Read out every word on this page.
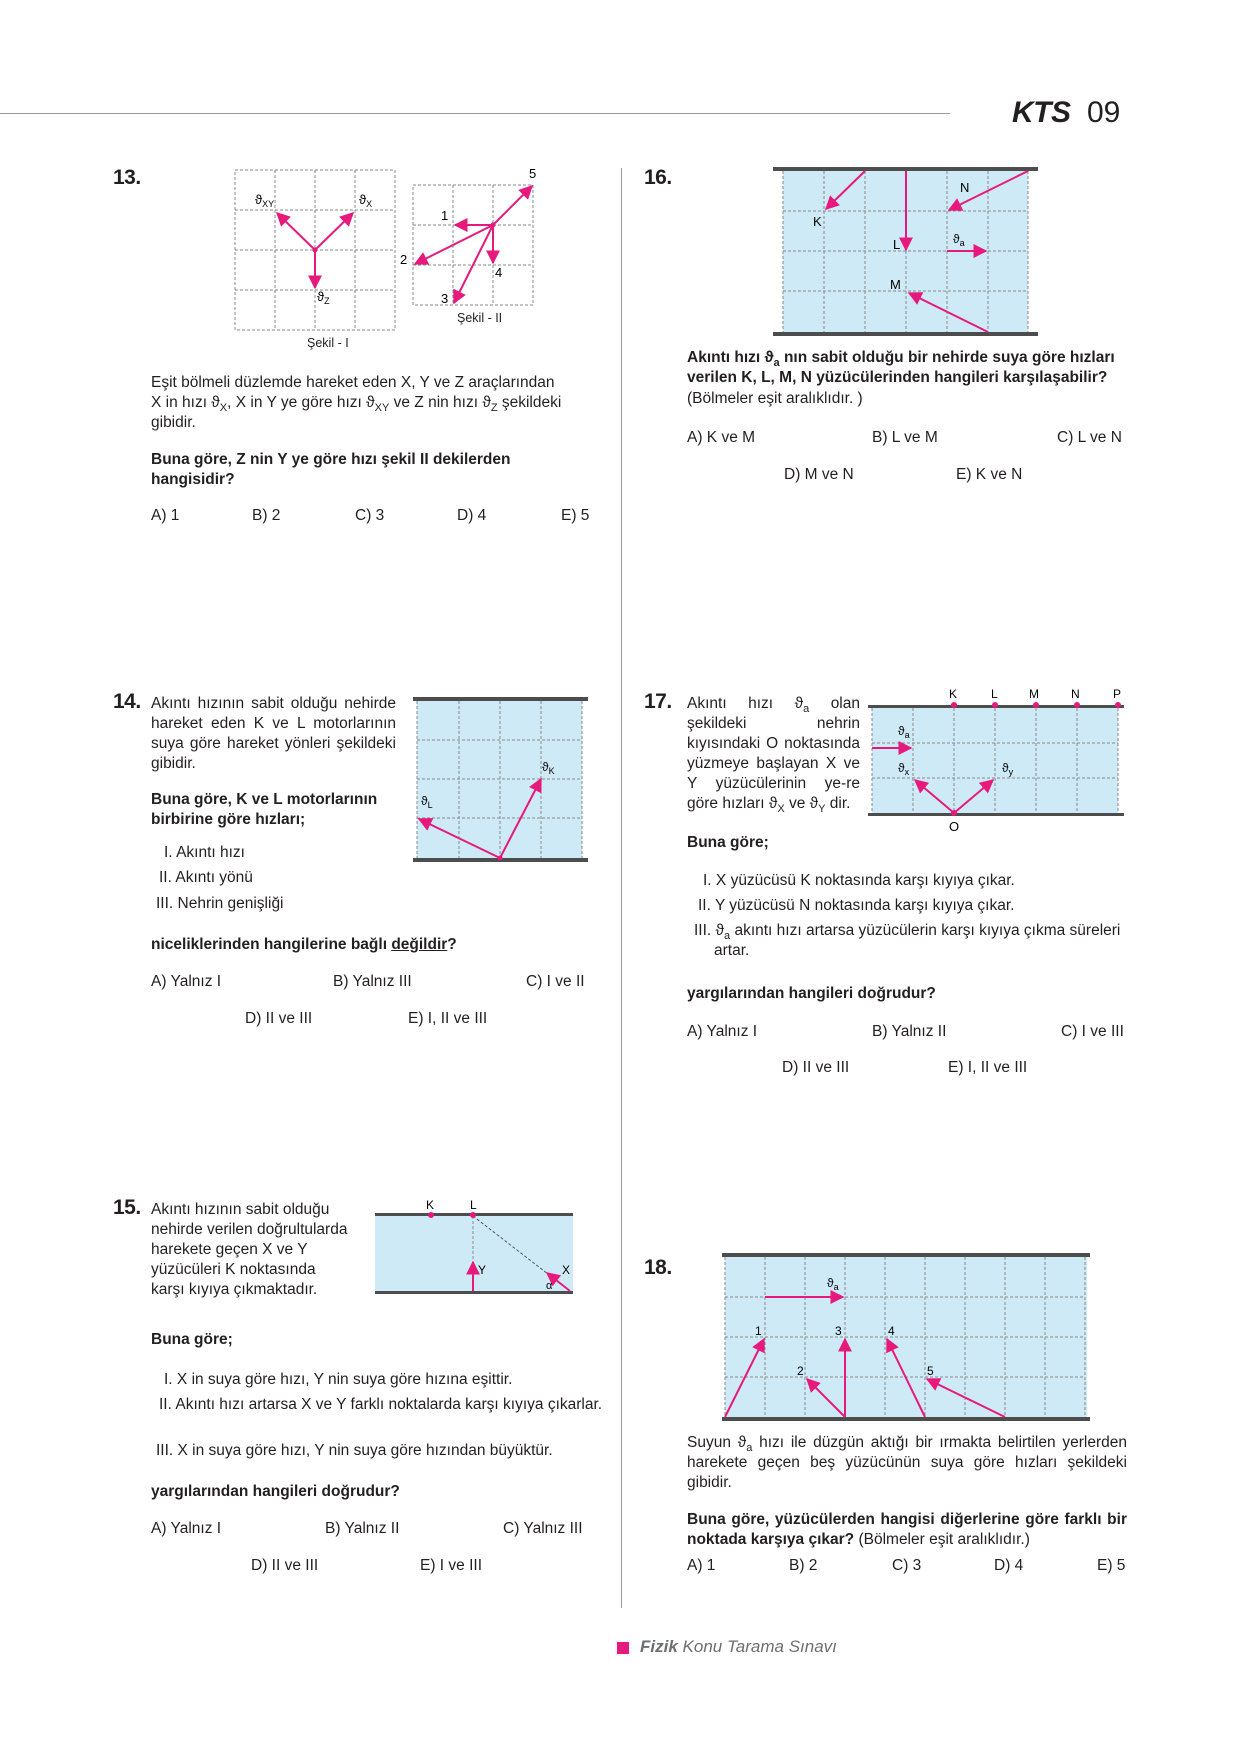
KTS 09
13.
$ϑ_{XY}$	$ϑ_X$
$ϑ_Z$
Şekil - I
1
2
3
4
5
Şekil - II
Eşit bölmeli düzlemde hareket eden X, Y ve Z araçlarından
X in hızı $ϑ_X$, X in Y ye göre hızı $ϑ_{XY}$ ve Z nin hızı $ϑ_Z$ şekildeki
gibidir.
Buna göre, Z nin Y ye göre hızı şekil II dekilerden hangisidir?
A) 1	B) 2	C) 3	D) 4	E) 5
14. Akıntı hızının sabit olduğu nehirde hareket eden K ve L motorlarının suya göre hareket yönleri şekildeki gibidir.
Buna göre, K ve L motorlarının birbirine göre hızları;
$ϑ_K$
$ϑ_L$
I. Akıntı hızı
II. Akıntı yönü
III. Nehrin genişliği
niceliklerinden hangilerine bağlı değildir?
A) Yalnız I	B) Yalnız III	C) I ve II
D) II ve III	E) I, II ve III
15. Akıntı hızının sabit olduğu nehirde verilen doğrultularda harekete geçen X ve Y yüzücüleri K noktasında karşı kıyıya çıkmaktadır.
K	L
Y	X
α
Buna göre;
I. X in suya göre hızı, Y nin suya göre hızına eşittir.
II. Akıntı hızı artarsa X ve Y farklı noktalarda karşı kıyıya çıkarlar.
III. X in suya göre hızı, Y nin suya göre hızından büyüktür.
yargılarından hangileri doğrudur?
A) Yalnız I	B) Yalnız II	C) Yalnız III
D) II ve III	E) I ve III
16.
K
L
M
N
$ϑ_a$
Akıntı hızı $ϑ_a$ nın sabit olduğu bir nehirde suya göre hızları
verilen K, L, M, N yüzücülerinden hangileri karşılaşabilir?
(Bölmeler eşit aralıklıdır. )
A) K ve M	B) L ve M	C) L ve N
D) M ve N	E) K ve N
17. Akıntı hızı $ϑ_a$ olan şekildeki nehrin kıyısındaki O noktasında yüzmeye başlayan X ve Y yüzücülerinin ye-re göre hızları $ϑ_X$ ve $ϑ_Y$ dir.
K	L	M	N	P
O
$ϑ_a$
$ϑ_x$	$ϑ_y$
Buna göre;
I. X yüzücüsü K noktasında karşı kıyıya çıkar.
II. Y yüzücüsü N noktasında karşı kıyıya çıkar.
III. $ϑ_a$ akıntı hızı artarsa yüzücülerin karşı kıyıya çıkma süreleri artar.
yargılarından hangileri doğrudur?
A) Yalnız I	B) Yalnız II	C) I ve III
D) II ve III	E) I, II ve III
18.
$ϑ_a$
1
2
3	4
5
Suyun $ϑ_a$ hızı ile düzgün aktığı bir ırmakta belirtilen yerlerden harekete geçen beş yüzücünün suya göre hızları şekildeki gibidir.
Buna göre, yüzücülerden hangisi diğerlerine göre farklı bir noktada karşıya çıkar? (Bölmeler eşit aralıklıdır.)
A) 1	B) 2	C) 3	D) 4	E) 5
Fizik Konu Tarama Sınavı
